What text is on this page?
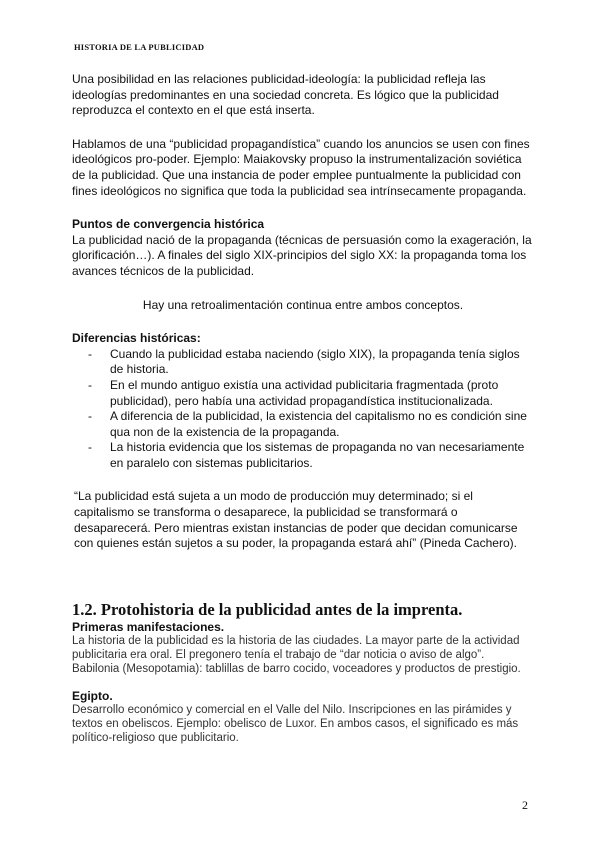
HISTORIA DE LA PUBLICIDAD

Una posibilidad en las relaciones publicidad-ideología: la publicidad refleja las ideologías predominantes en una sociedad concreta. Es lógico que la publicidad reproduzca el contexto en el que está inserta.

Hablamos de una “publicidad propagandística” cuando los anuncios se usen con fines ideológicos pro-poder. Ejemplo: Maiakovsky propuso la instrumentalización soviética de la publicidad. Que una instancia de poder emplee puntualmente la publicidad con fines ideológicos no significa que toda la publicidad sea intrínsecamente propaganda.

Puntos de convergencia histórica

La publicidad nació de la propaganda (técnicas de persuasión como la exageración, la glorificación…). A finales del siglo XIX-principios del siglo XX: la propaganda toma los avances técnicos de la publicidad.

Hay una retroalimentación continua entre ambos conceptos.

Diferencias históricas:

- Cuando la publicidad estaba naciendo (siglo XIX), la propaganda tenía siglos de historia.
- En el mundo antiguo existía una actividad publicitaria fragmentada (proto publicidad), pero había una actividad propagandística institucionalizada.
- A diferencia de la publicidad, la existencia del capitalismo no es condición sine qua non de la existencia de la propaganda.
- La historia evidencia que los sistemas de propaganda no van necesariamente en paralelo con sistemas publicitarios.

“La publicidad está sujeta a un modo de producción muy determinado; si el capitalismo se transforma o desaparece, la publicidad se transformará o desaparecerá. Pero mientras existan instancias de poder que decidan comunicarse con quienes están sujetos a su poder, la propaganda estará ahí” (Pineda Cachero).

1.2. Protohistoria de la publicidad antes de la imprenta.

Primeras manifestaciones.

La historia de la publicidad es la historia de las ciudades. La mayor parte de la actividad publicitaria era oral. El pregonero tenía el trabajo de “dar noticia o aviso de algo”.

Babilonia (Mesopotamia): tablillas de barro cocido, voceadores y productos de prestigio.

Egipto.

Desarrollo económico y comercial en el Valle del Nilo. Inscripciones en las pirámides y textos en obeliscos. Ejemplo: obelisco de Luxor. En ambos casos, el significado es más político-religioso que publicitario.

2
